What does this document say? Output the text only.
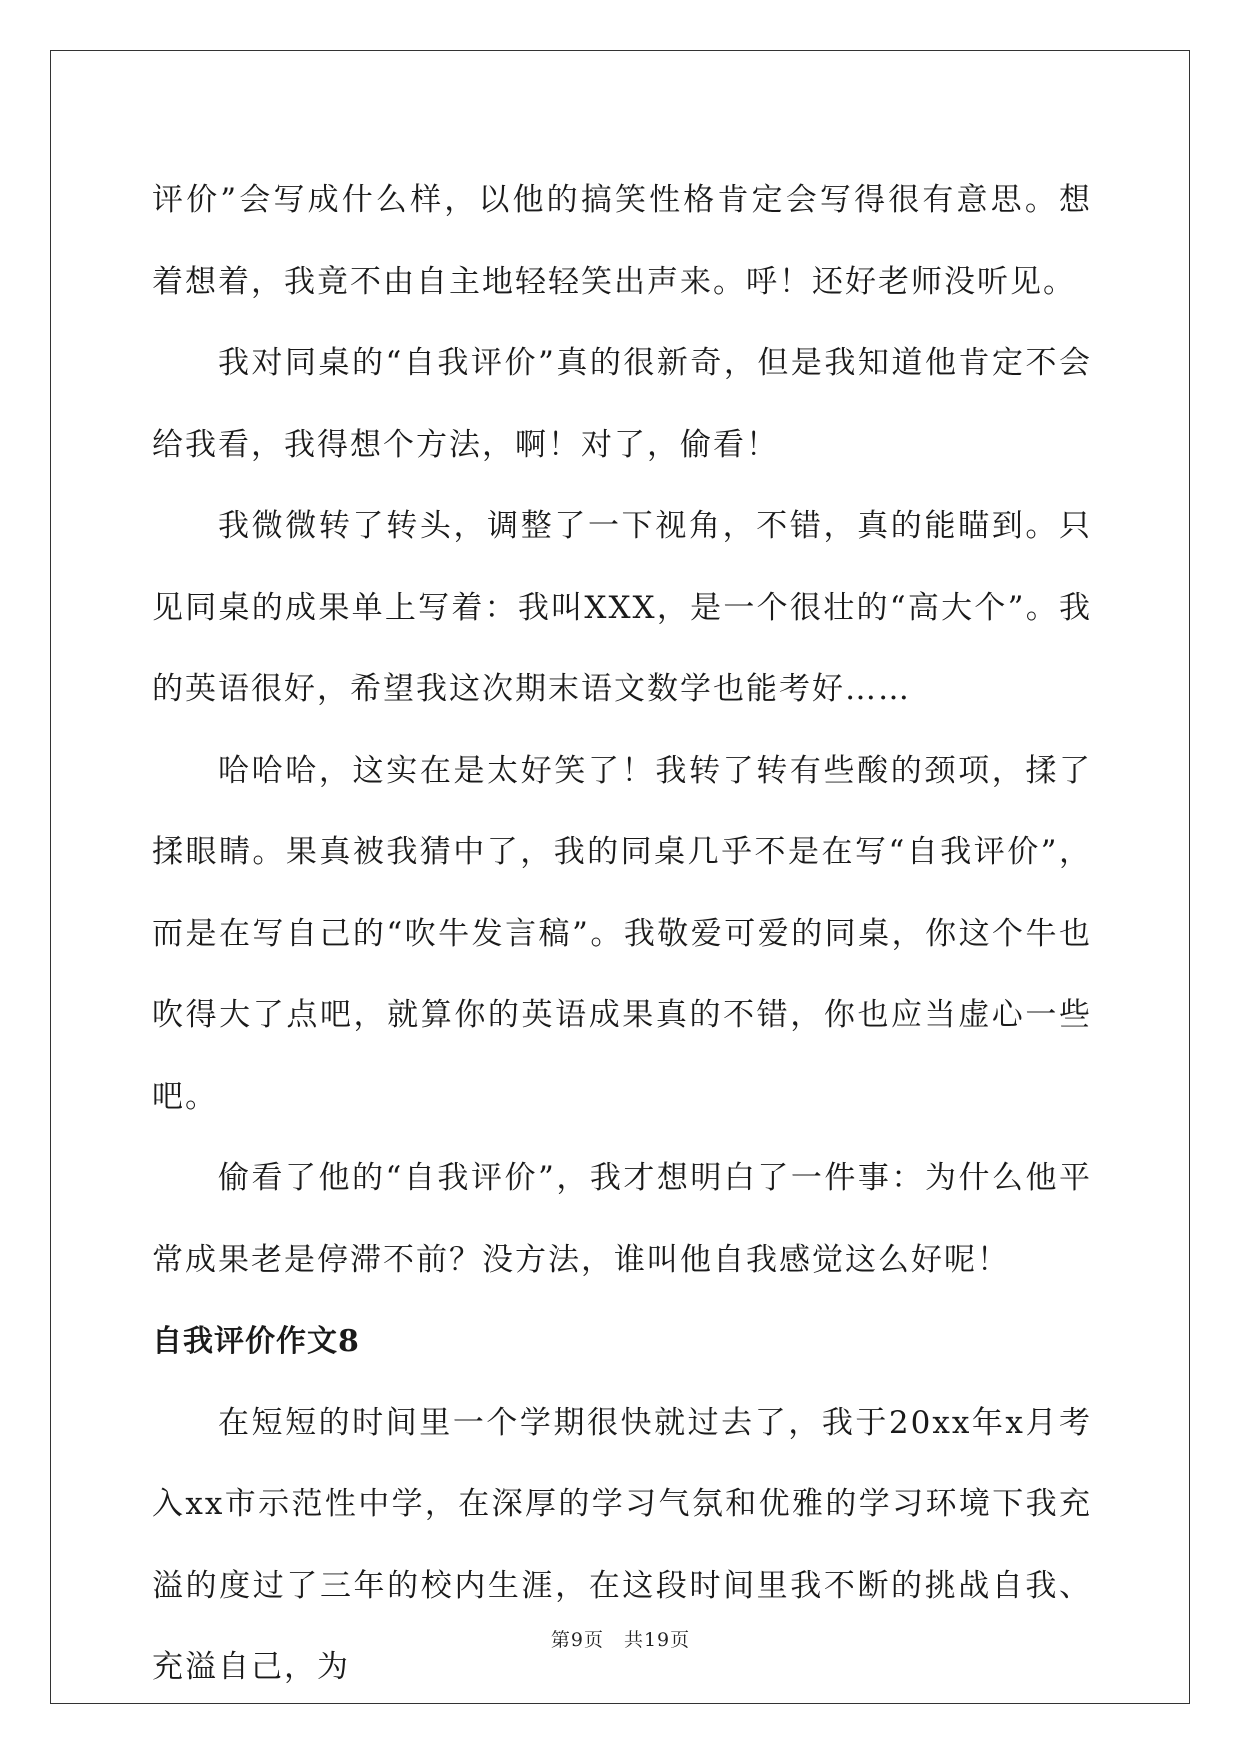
评价”会写成什么样，以他的搞笑性格肯定会写得很有意思。想着想着，我竟不由自主地轻轻笑出声来。呼！还好老师没听见。

我对同桌的“自我评价”真的很新奇，但是我知道他肯定不会给我看，我得想个方法，啊！对了，偷看！

我微微转了转头，调整了一下视角，不错，真的能瞄到。只见同桌的成果单上写着：我叫XXX，是一个很壮的“高大个”。我的英语很好，希望我这次期末语文数学也能考好……

哈哈哈，这实在是太好笑了！我转了转有些酸的颈项，揉了揉眼睛。果真被我猜中了，我的同桌几乎不是在写“自我评价”，而是在写自己的“吹牛发言稿”。我敬爱可爱的同桌，你这个牛也吹得大了点吧，就算你的英语成果真的不错，你也应当虚心一些吧。

偷看了他的“自我评价”，我才想明白了一件事：为什么他平常成果老是停滞不前？没方法，谁叫他自我感觉这么好呢！

自我评价作文8

在短短的时间里一个学期很快就过去了，我于20xx年x月考入xx市示范性中学，在深厚的学习气氛和优雅的学习环境下我充溢的度过了三年的校内生涯，在这段时间里我不断的挑战自我、充溢自己，为

第9页　共19页
